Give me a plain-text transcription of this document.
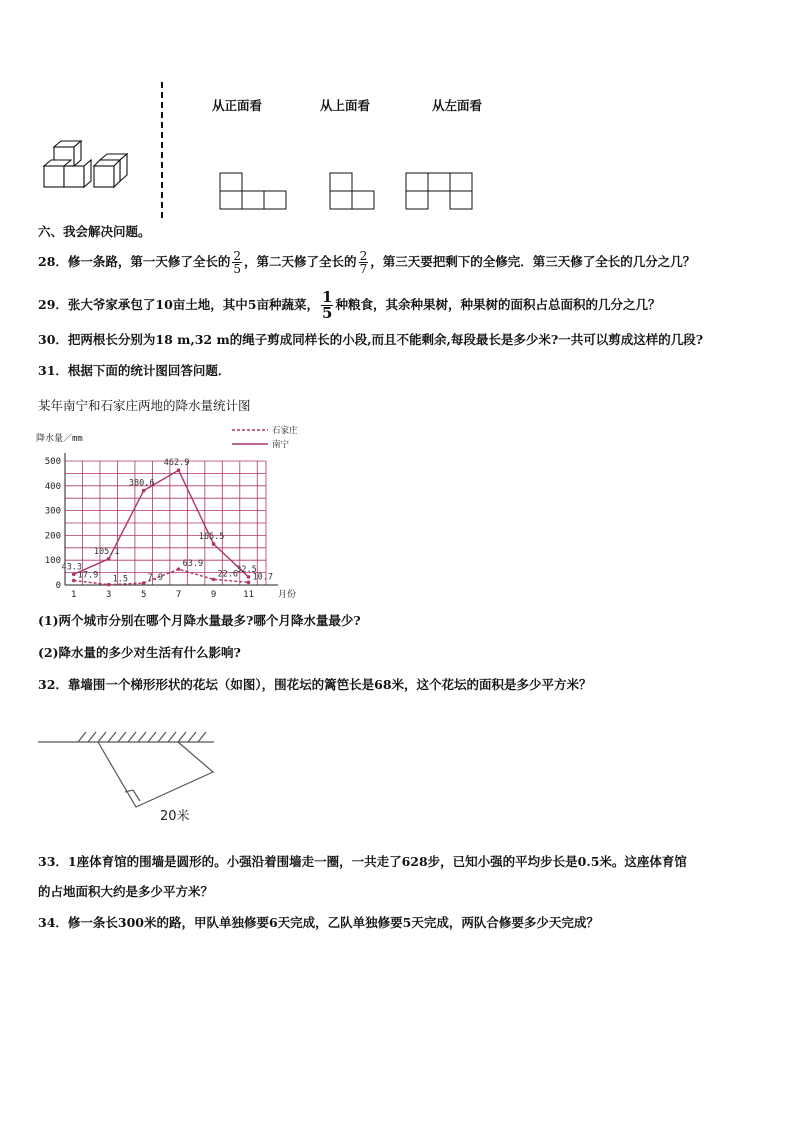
从正面看	从上面看	从左面看
六、我会解决问题。
28．修一条路，第一天修了全长的 $\frac{2}{5}$ ，第二天修了全长的 $\frac{2}{7}$ ，第三天要把剩下的全修完．第三天修了全长的几分之几？
29．张大爷家承包了10亩土地，其中5亩种蔬菜， $\frac{1}{5}$ 种粮食，其余种果树，种果树的面积占总面积的几分之几？
30．把两根长分别为18 m,32 m的绳子剪成同样长的小段,而且不能剩余,每段最长是多少米?一共可以剪成这样的几段?
31．根据下面的统计图回答问题．
某年南宁和石家庄两地的降水量统计图
0
100
200
300
400
500
1	3	5	7	9	11	月份
降水量／mm
17.9 1.5 7.9
63.9
22.6 10.7
43.3
105.1
380.6
462.9
165.5
32.5
石家庄
南宁
(1)两个城市分别在哪个月降水量最多?哪个月降水量最少?
(2)降水量的多少对生活有什么影响?
32．靠墙围一个梯形形状的花坛（如图），围花坛的篱笆长是68米，这个花坛的面积是多少平方米？
20米
33．1座体育馆的围墙是圆形的。小强沿着围墙走一圈，一共走了628步，已知小强的平均步长是0.5米。这座体育馆
的占地面积大约是多少平方米？
34．修一条长300米的路，甲队单独修要6天完成，乙队单独修要5天完成，两队合修要多少天完成？
